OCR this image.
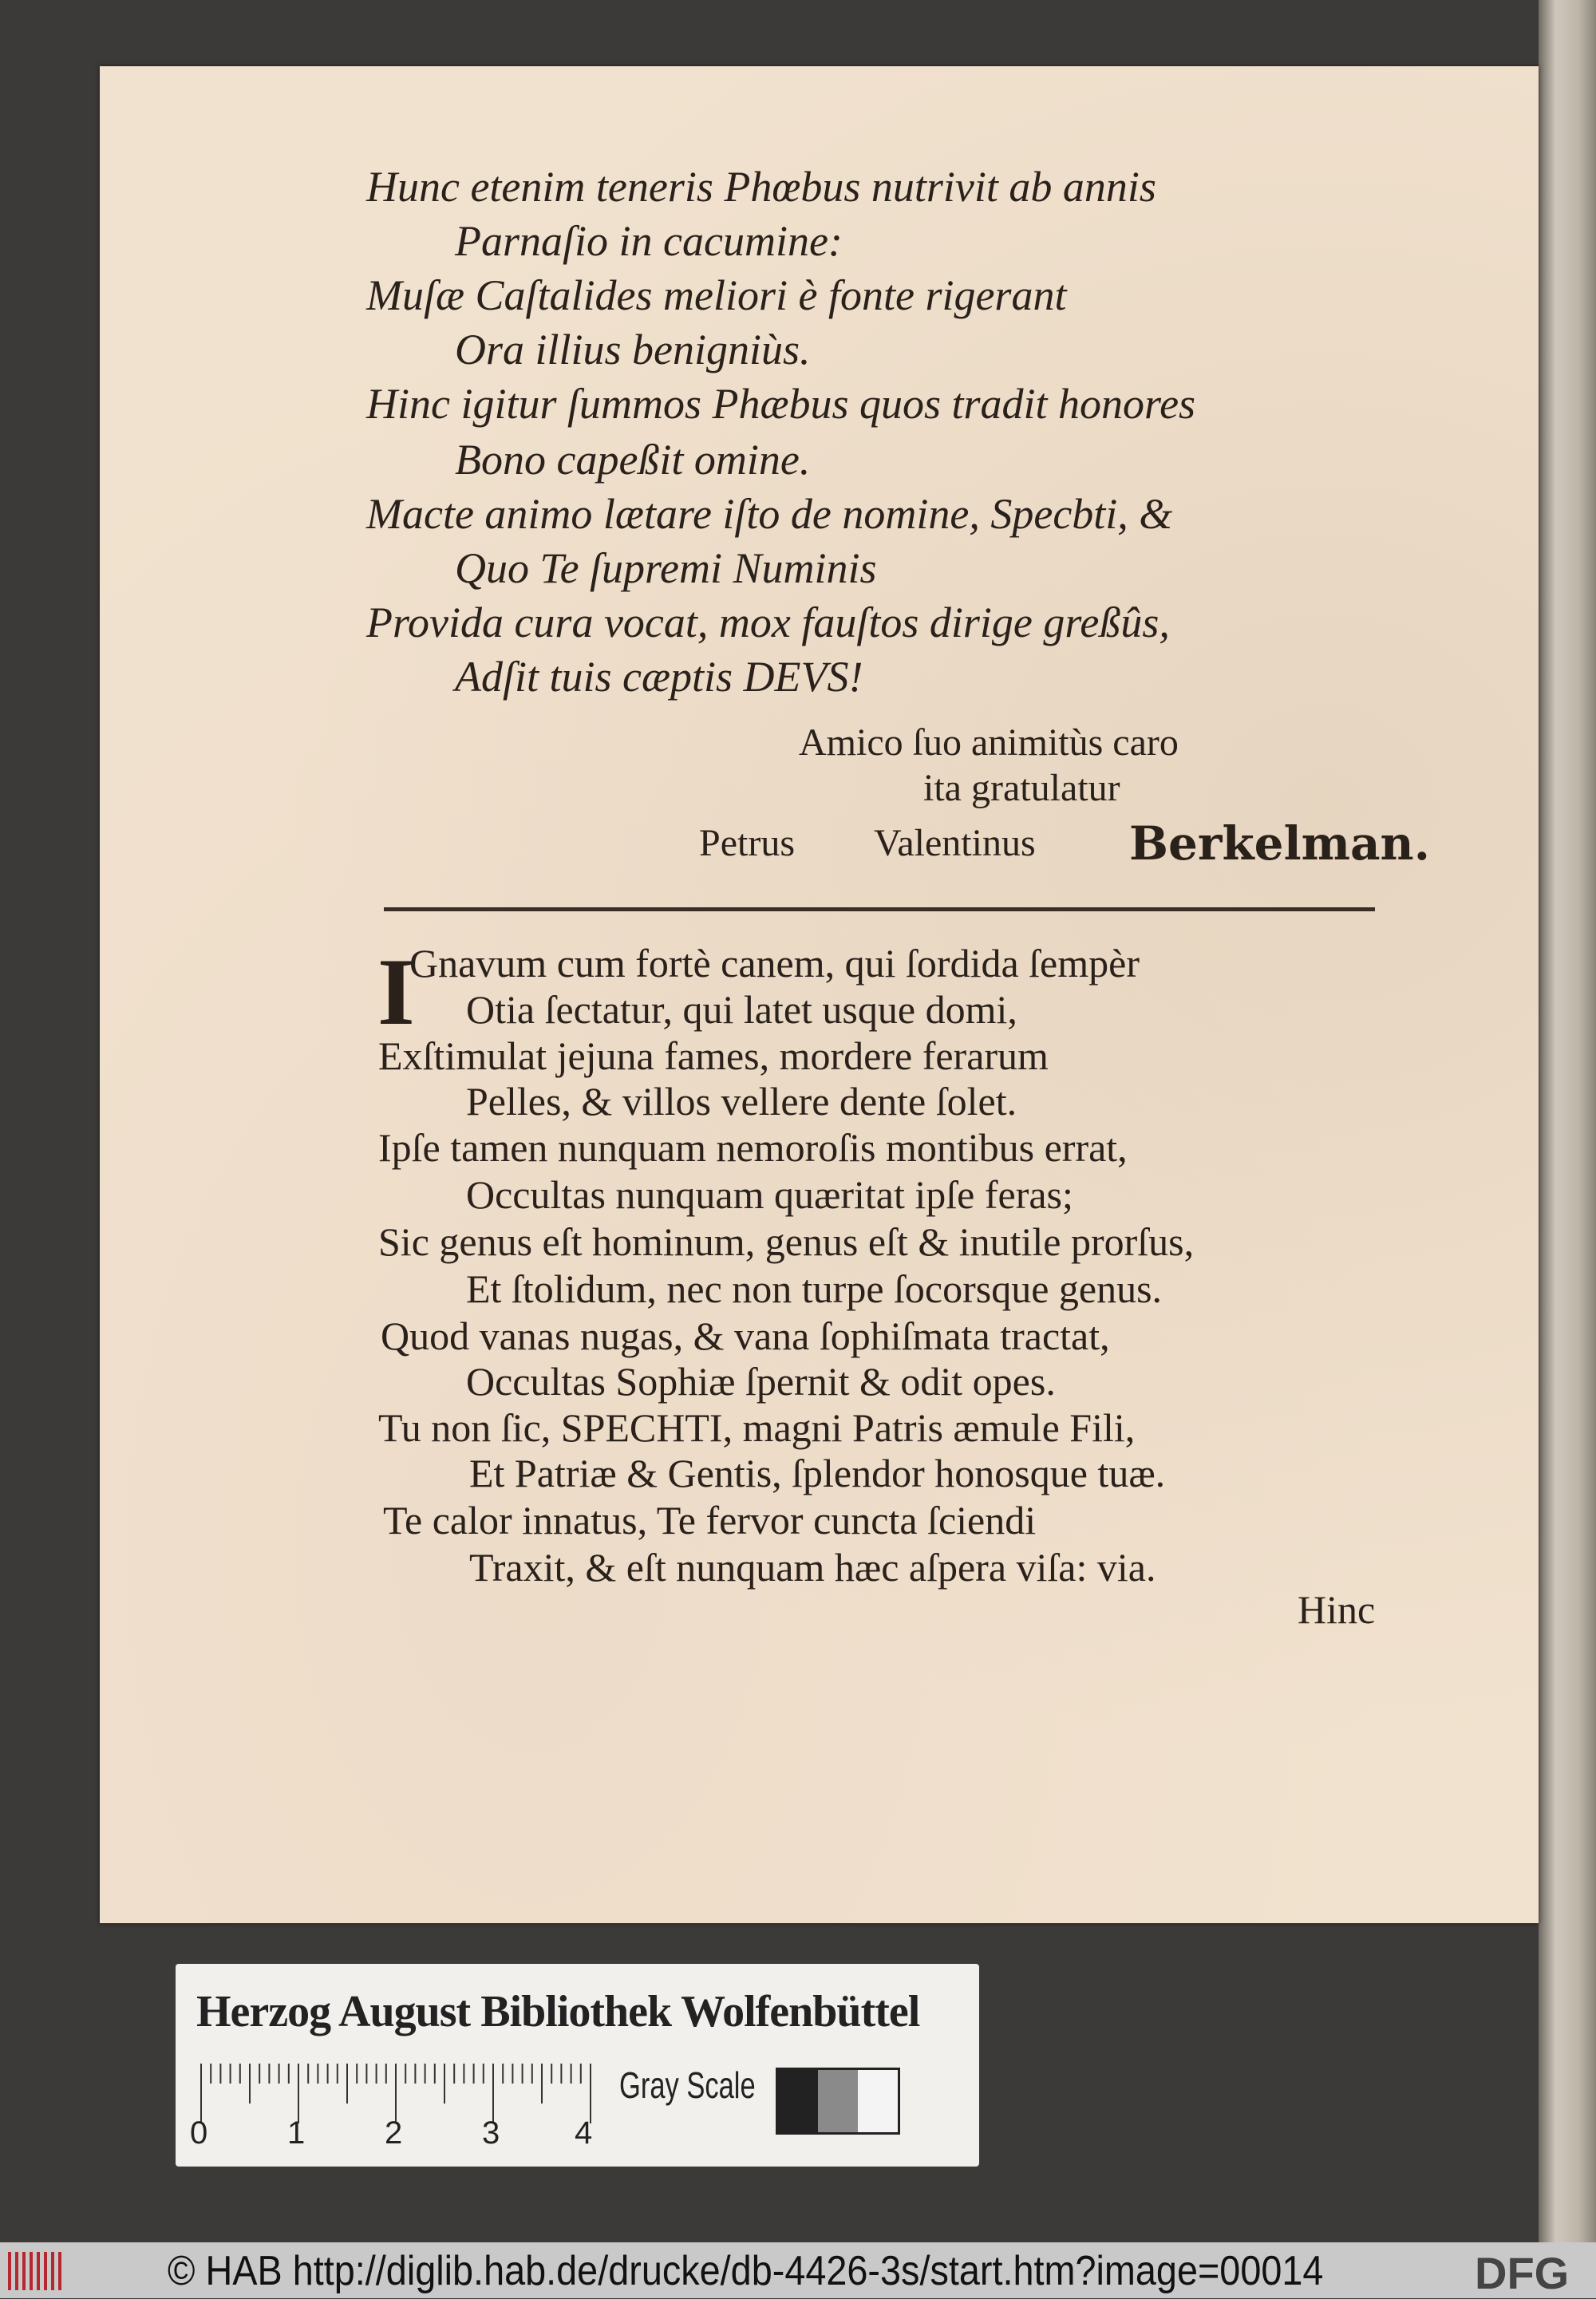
Hunc etenim teneris Phœbus nutrivit ab annis
Parnaſio in cacumine:
Muſæ Caſtalides meliori è fonte rigerant
Ora illius benigniùs.
Hinc igitur ſummos Phæbus quos tradit honores
Bono capeßit omine.
Macte animo lætare iſto de nomine, Specbti, &
Quo Te ſupremi Numinis
Provida cura vocat, mox fauſtos dirige greßûs,
Adſit tuis cæptis DEVS!
Amico ſuo animitùs caro
ita gratulatur
Petrus Valentinus Berkelman.
I
Gnavum cum fortè canem, qui ſordida ſempèr
Otia ſectatur, qui latet usque domi,
Exſtimulat jejuna fames, mordere ferarum
Pelles, & villos vellere dente ſolet.
Ipſe tamen nunquam nemoroſis montibus errat,
Occultas nunquam quæritat ipſe feras;
Sic genus eſt hominum, genus eſt & inutile prorſus,
Et ſtolidum, nec non turpe ſocorsque genus.
Quod vanas nugas, & vana ſophiſmata tractat,
Occultas Sophiæ ſpernit & odit opes.
Tu non ſic, SPECHTI, magni Patris æmule Fili,
Et Patriæ & Gentis, ſplendor honosque tuæ.
Te calor innatus, Te fervor cuncta ſciendi
Traxit, & eſt nunquam hæc aſpera viſa: via.
Hinc
Herzog August Bibliothek Wolfenbüttel
0 1 2 3 4
Gray Scale
© HAB http://diglib.hab.de/drucke/db-4426-3s/start.htm?image=00014	DFG
